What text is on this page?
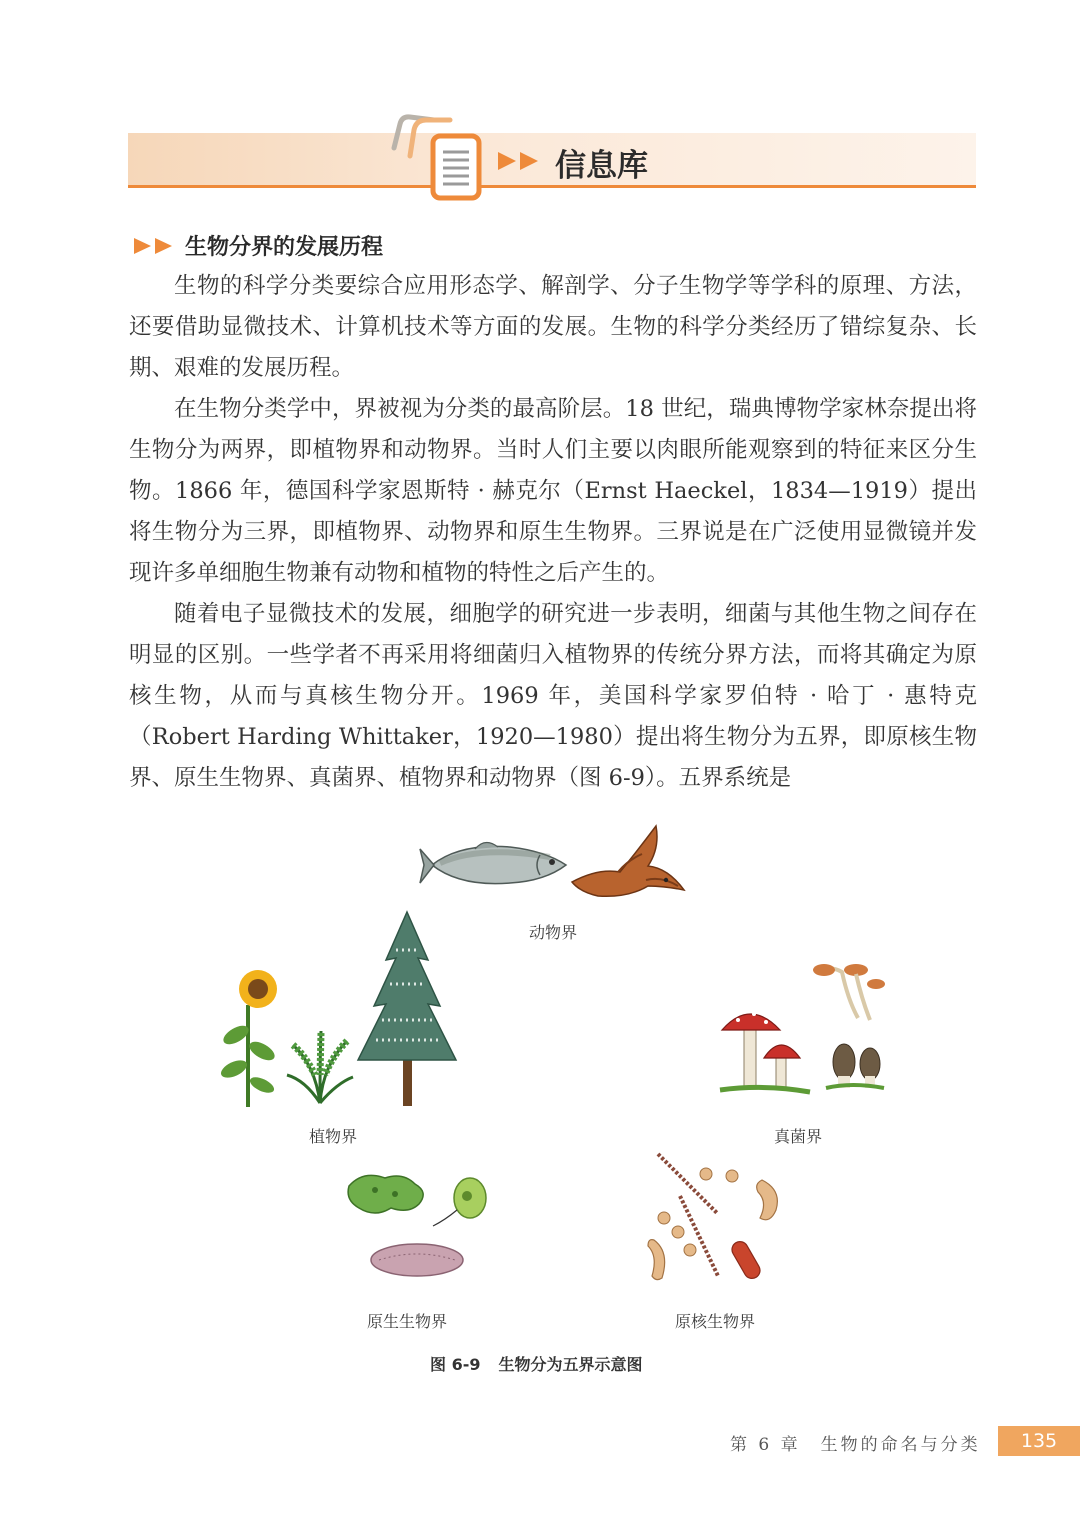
信息库
生物分界的发展历程

生物的科学分类要综合应用形态学、解剖学、分子生物学等学科的原理、方法，还要借助显微技术、计算机技术等方面的发展。生物的科学分类经历了错综复杂、长期、艰难的发展历程。

在生物分类学中，界被视为分类的最高阶层。18 世纪，瑞典博物学家林奈提出将生物分为两界，即植物界和动物界。当时人们主要以肉眼所能观察到的特征来区分生物。1866 年，德国科学家恩斯特 · 赫克尔（Ernst Haeckel，1834—1919）提出将生物分为三界，即植物界、动物界和原生生物界。三界说是在广泛使用显微镜并发现许多单细胞生物兼有动物和植物的特性之后产生的。

随着电子显微技术的发展，细胞学的研究进一步表明，细菌与其他生物之间存在明显的区别。一些学者不再采用将细菌归入植物界的传统分界方法，而将其确定为原核生物，从而与真核生物分开。1969 年，美国科学家罗伯特 · 哈丁 · 惠特克（Robert Harding Whittaker，1920—1980）提出将生物分为五界，即原核生物界、原生生物界、真菌界、植物界和动物界（图 6-9）。五界系统是

动物界
植物界	真菌界
原生生物界	原核生物界
图 6-9 生物分为五界示意图
第 6 章　生物的命名与分类	135
